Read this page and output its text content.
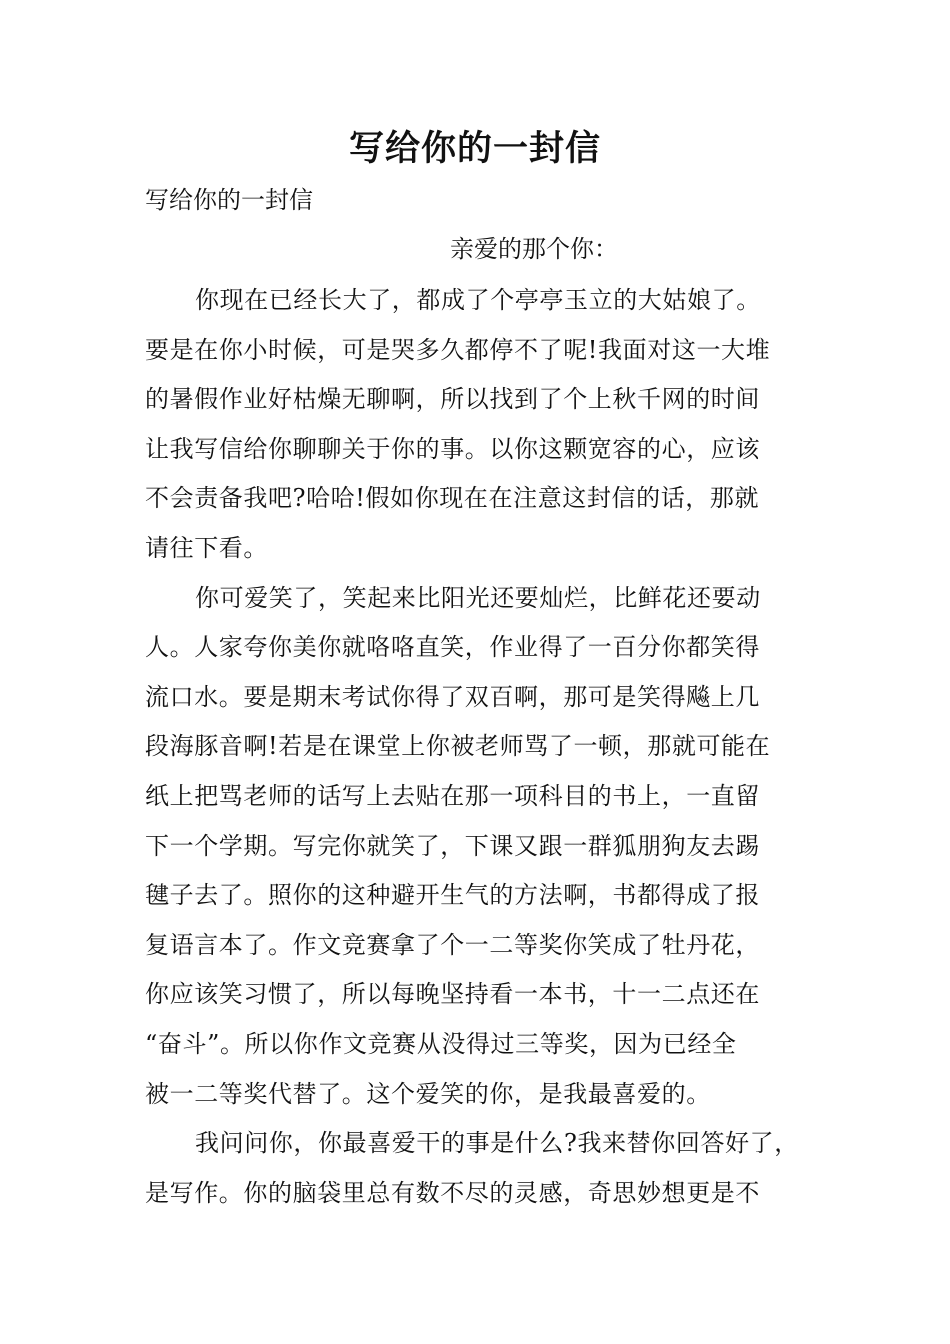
写给你的一封信
写给你的一封信
亲爱的那个你：
你现在已经长大了，都成了个亭亭玉立的大姑娘了。
要是在你小时候，可是哭多久都停不了呢!我面对这一大堆
的暑假作业好枯燥无聊啊，所以找到了个上秋千网的时间
让我写信给你聊聊关于你的事。以你这颗宽容的心，应该
不会责备我吧?哈哈!假如你现在在注意这封信的话，那就
请往下看。
你可爱笑了，笑起来比阳光还要灿烂，比鲜花还要动
人。人家夸你美你就咯咯直笑，作业得了一百分你都笑得
流口水。要是期末考试你得了双百啊，那可是笑得飚上几
段海豚音啊!若是在课堂上你被老师骂了一顿，那就可能在
纸上把骂老师的话写上去贴在那一项科目的书上，一直留
下一个学期。写完你就笑了，下课又跟一群狐朋狗友去踢
毽子去了。照你的这种避开生气的方法啊，书都得成了报
复语言本了。作文竞赛拿了个一二等奖你笑成了牡丹花，
你应该笑习惯了，所以每晚坚持看一本书，十一二点还在
“奋斗”。所以你作文竞赛从没得过三等奖，因为已经全
被一二等奖代替了。这个爱笑的你，是我最喜爱的。
我问问你，你最喜爱干的事是什么?我来替你回答好了，
是写作。你的脑袋里总有数不尽的灵感，奇思妙想更是不
